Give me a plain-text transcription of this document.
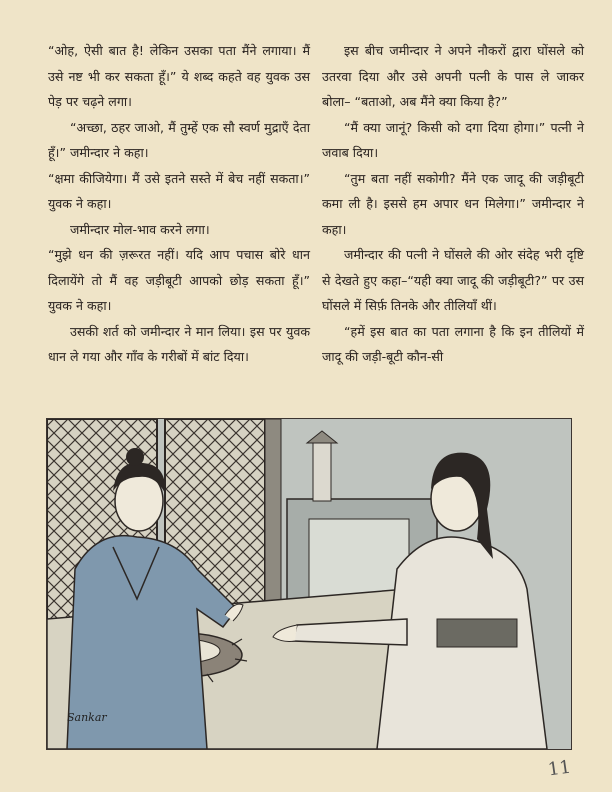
“ओह, ऐसी बात है! लेकिन उसका पता मैंने लगाया। मैं उसे नष्ट भी कर सकता हूँ।” ये शब्द कहते वह युवक उस पेड़ पर चढ़ने लगा।

“अच्छा, ठहर जाओ, मैं तुम्हें एक सौ स्वर्ण मुद्राएँ देता हूँ।” जमीन्दार ने कहा।

“क्षमा कीजियेगा। मैं उसे इतने सस्ते में बेच नहीं सकता।” युवक ने कहा।

जमीन्दार मोल-भाव करने लगा।

“मुझे धन की ज़रूरत नहीं। यदि आप पचास बोरे धान दिलायेंगे तो मैं वह जड़ीबूटी आपको छोड़ सकता हूँ।” युवक ने कहा।

उसकी शर्त को जमीन्दार ने मान लिया। इस पर युवक धान ले गया और गाँव के गरीबों में बांट दिया।

इस बीच जमीन्दार ने अपने नौकरों द्वारा घोंसले को उतरवा दिया और उसे अपनी पत्नी के पास ले जाकर बोला– “बताओ, अब मैंने क्या किया है?”

“मैं क्या जानूं? किसी को दगा दिया होगा।” पत्नी ने जवाब दिया।

“तुम बता नहीं सकोगी? मैंने एक जादू की जड़ीबूटी कमा ली है। इससे हम अपार धन मिलेगा।” जमीन्दार ने कहा।

जमीन्दार की पत्नी ने घोंसले की ओर संदेह भरी दृष्टि से देखते हुए कहा–“यही क्या जादू की जड़ीबूटी?” पर उस घोंसले में सिर्फ़ तिनके और तीलियाँ थीं।

“हमें इस बात का पता लगाना है कि इन तीलियों में जादू की जड़ी-बूटी कौन-सी

Sankar
11
